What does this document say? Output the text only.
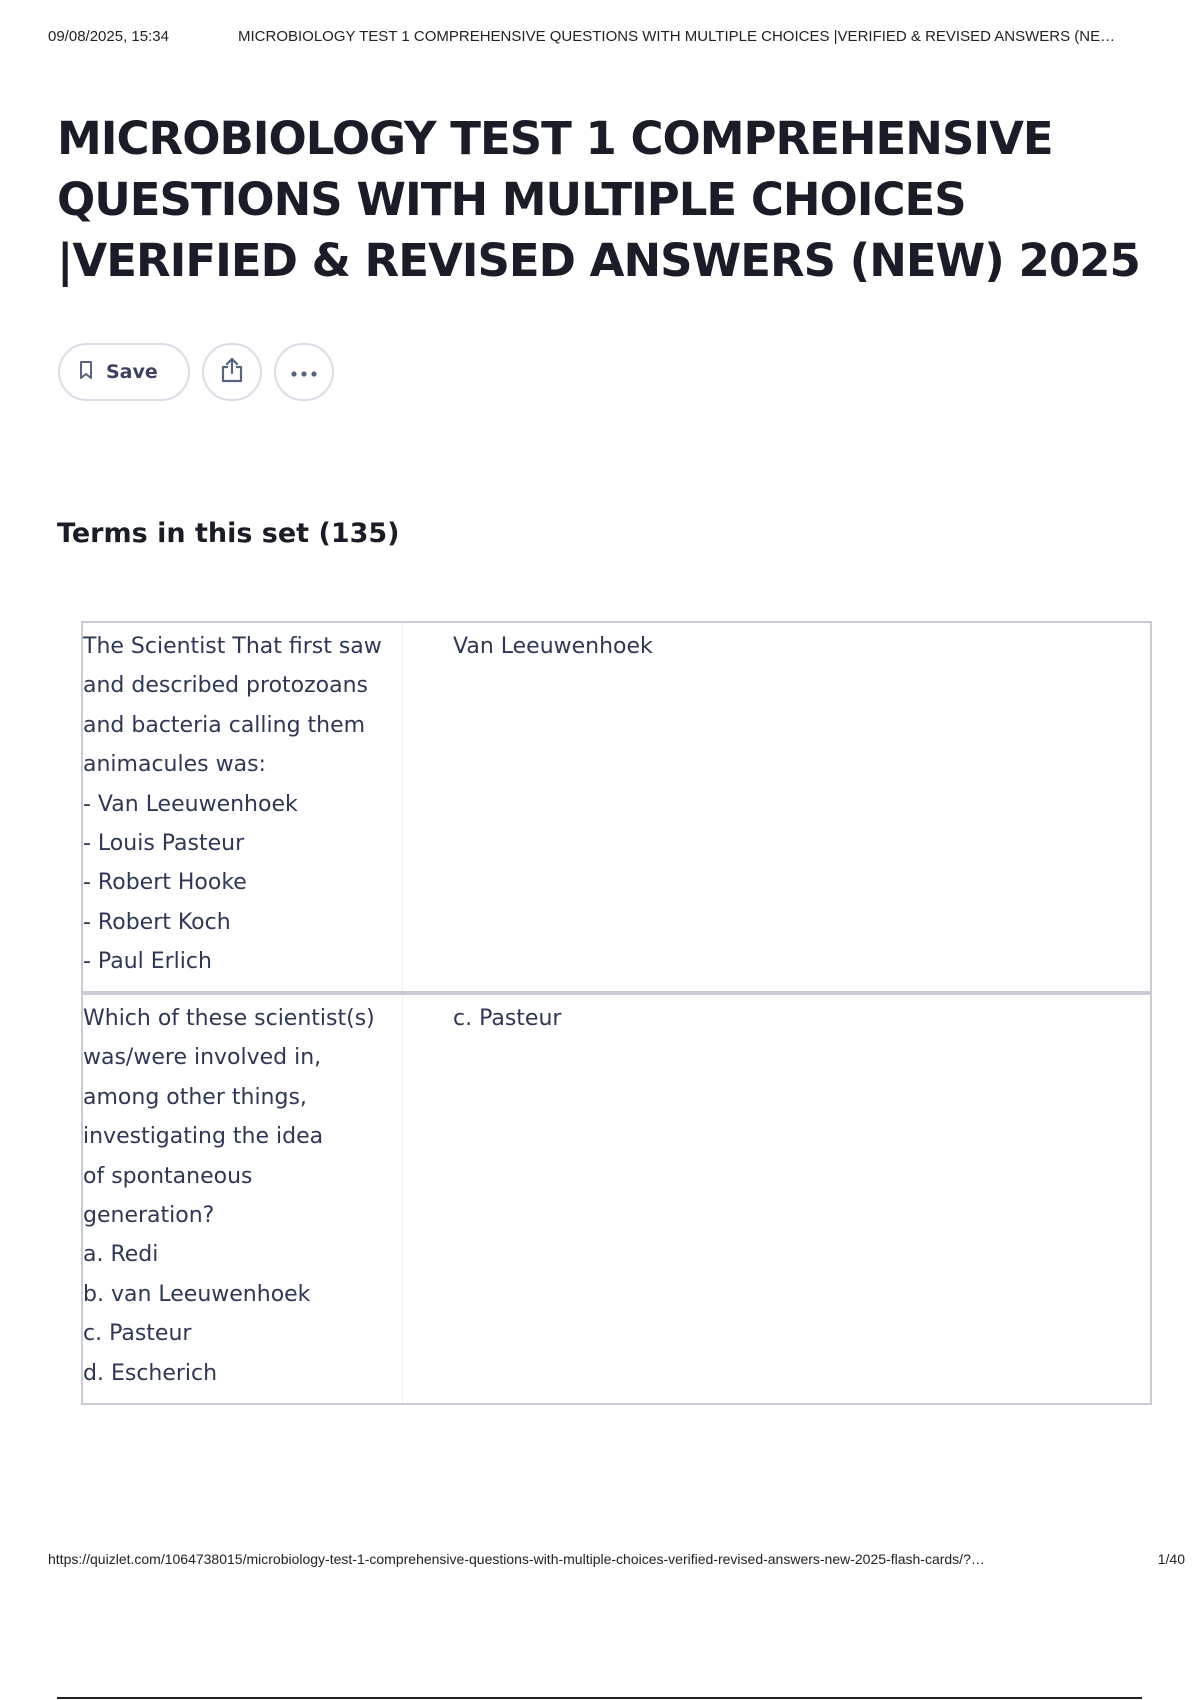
09/08/2025, 15:34	MICROBIOLOGY TEST 1 COMPREHENSIVE QUESTIONS WITH MULTIPLE CHOICES |VERIFIED & REVISED ANSWERS (NE…
MICROBIOLOGY TEST 1 COMPREHENSIVE QUESTIONS WITH MULTIPLE CHOICES |VERIFIED & REVISED ANSWERS (NEW) 2025
Save
Terms in this set (135)
The Scientist That first saw
and described protozoans
and bacteria calling them
animacules was:
- Van Leeuwenhoek
- Louis Pasteur
- Robert Hooke
- Robert Koch
- Paul Erlich
Van Leeuwenhoek
Which of these scientist(s)
was/were involved in,
among other things,
investigating the idea
of spontaneous
generation?
a. Redi
b. van Leeuwenhoek
c. Pasteur
d. Escherich
c. Pasteur
https://quizlet.com/1064738015/microbiology-test-1-comprehensive-questions-with-multiple-choices-verified-revised-answers-new-2025-flash-cards/?…	1/40
